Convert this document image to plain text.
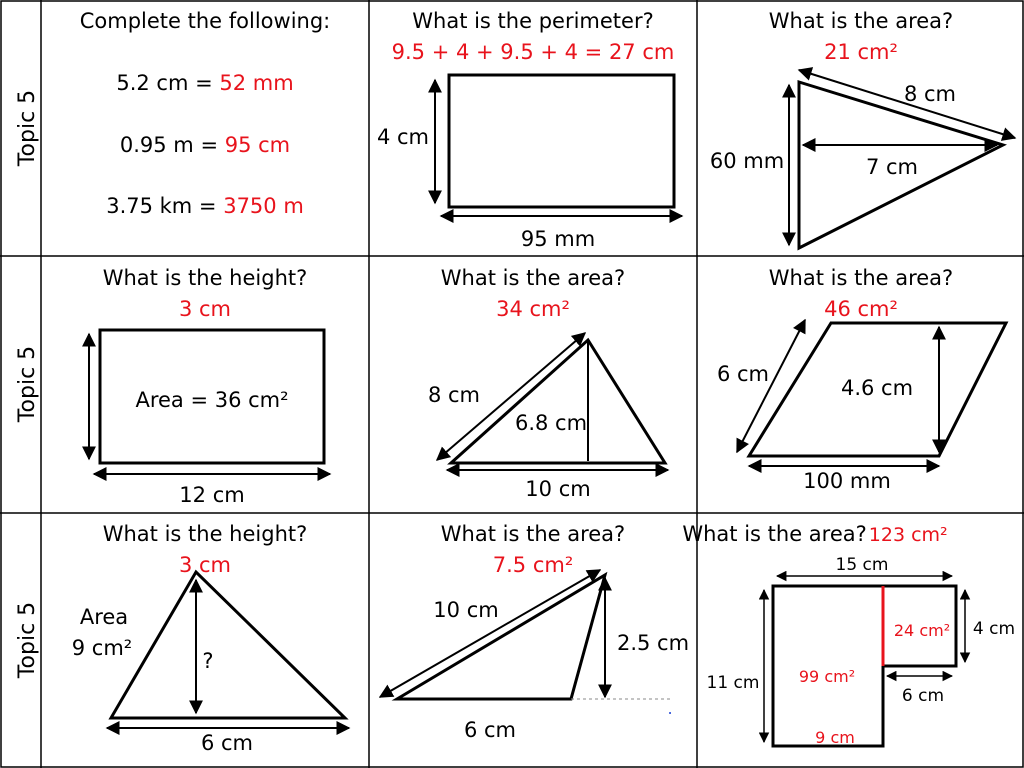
Topic 5
Topic 5
Topic 5
Complete the following:
5.2 cm = 52 mm
0.95 m = 95 cm
3.75 km = 3750 m
What is the perimeter?
9.5 + 4 + 9.5 + 4 = 27 cm
4 cm
95 mm
What is the area?
21 cm²
8 cm
60 mm	7 cm
What is the height?
3 cm
Area = 36 cm²
12 cm
What is the area?
34 cm²
8 cm
6.8 cm
10 cm
What is the area?
46 cm²
6 cm
4.6 cm
100 mm
What is the height?
3 cm
Area
9 cm²
?
6 cm
What is the area?
7.5 cm²
10 cm
2.5 cm
6 cm
.
What is the area? 123 cm²
15 cm
4 cm
11 cm
6 cm
24 cm²
99 cm²
9 cm
